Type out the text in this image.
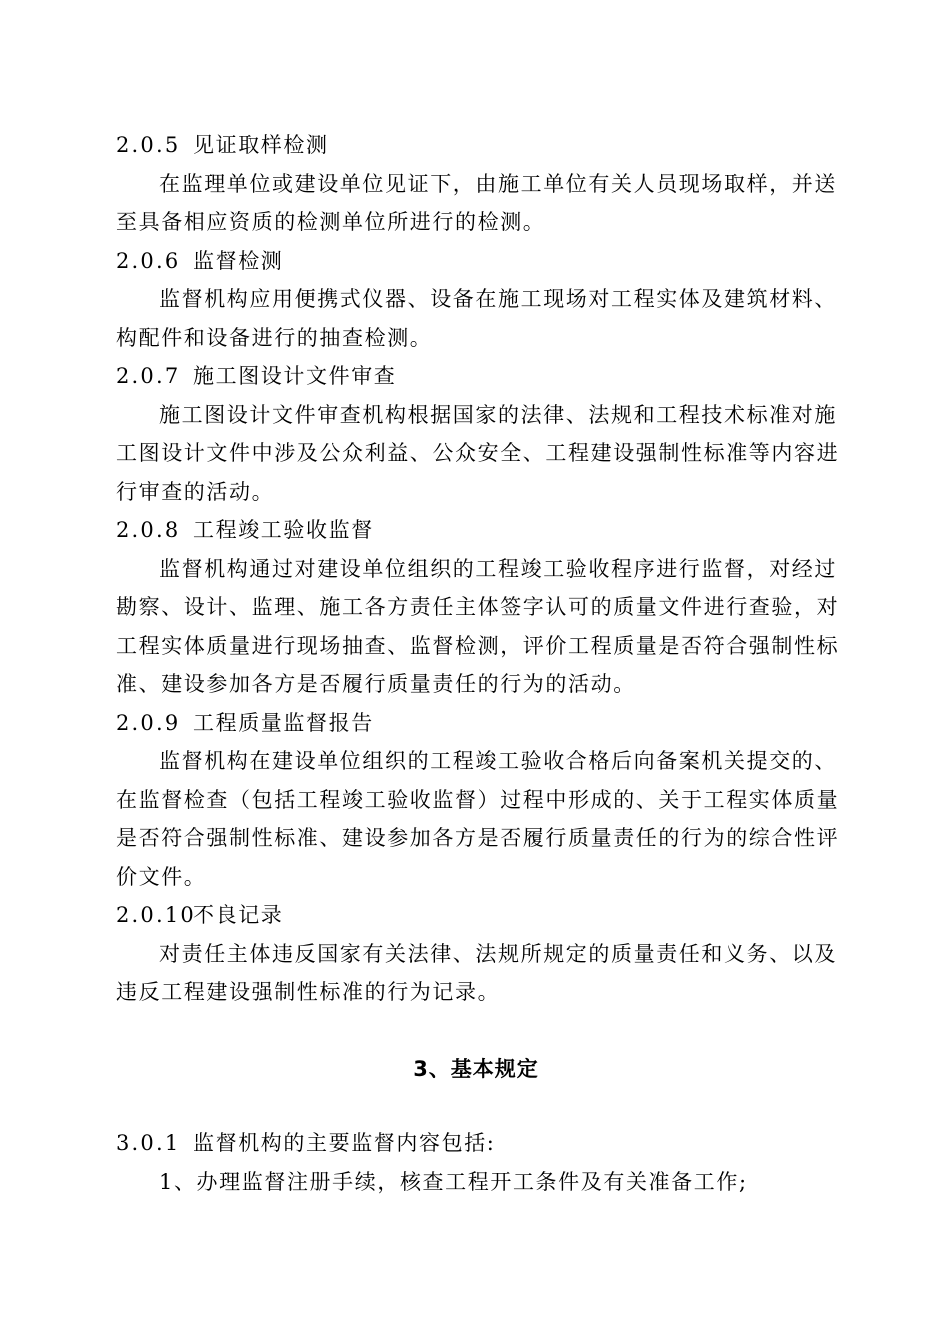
2.0.5 见证取样检测
在监理单位或建设单位见证下，由施工单位有关人员现场取样，并送
至具备相应资质的检测单位所进行的检测。
2.0.6 监督检测
监督机构应用便携式仪器、设备在施工现场对工程实体及建筑材料、
构配件和设备进行的抽查检测。
2.0.7 施工图设计文件审查
施工图设计文件审查机构根据国家的法律、法规和工程技术标准对施
工图设计文件中涉及公众利益、公众安全、工程建设强制性标准等内容进
行审查的活动。
2.0.8 工程竣工验收监督
监督机构通过对建设单位组织的工程竣工验收程序进行监督，对经过
勘察、设计、监理、施工各方责任主体签字认可的质量文件进行查验，对
工程实体质量进行现场抽查、监督检测，评价工程质量是否符合强制性标
准、建设参加各方是否履行质量责任的行为的活动。
2.0.9 工程质量监督报告
监督机构在建设单位组织的工程竣工验收合格后向备案机关提交的、
在监督检查（包括工程竣工验收监督）过程中形成的、关于工程实体质量
是否符合强制性标准、建设参加各方是否履行质量责任的行为的综合性评
价文件。
2.0.10
不良记录
对责任主体违反国家有关法律、法规所规定的质量责任和义务、以及
违反工程建设强制性标准的行为记录。
3、基本规定
3.0.1 监督机构的主要监督内容包括:
1、办理监督注册手续，核查工程开工条件及有关准备工作;
